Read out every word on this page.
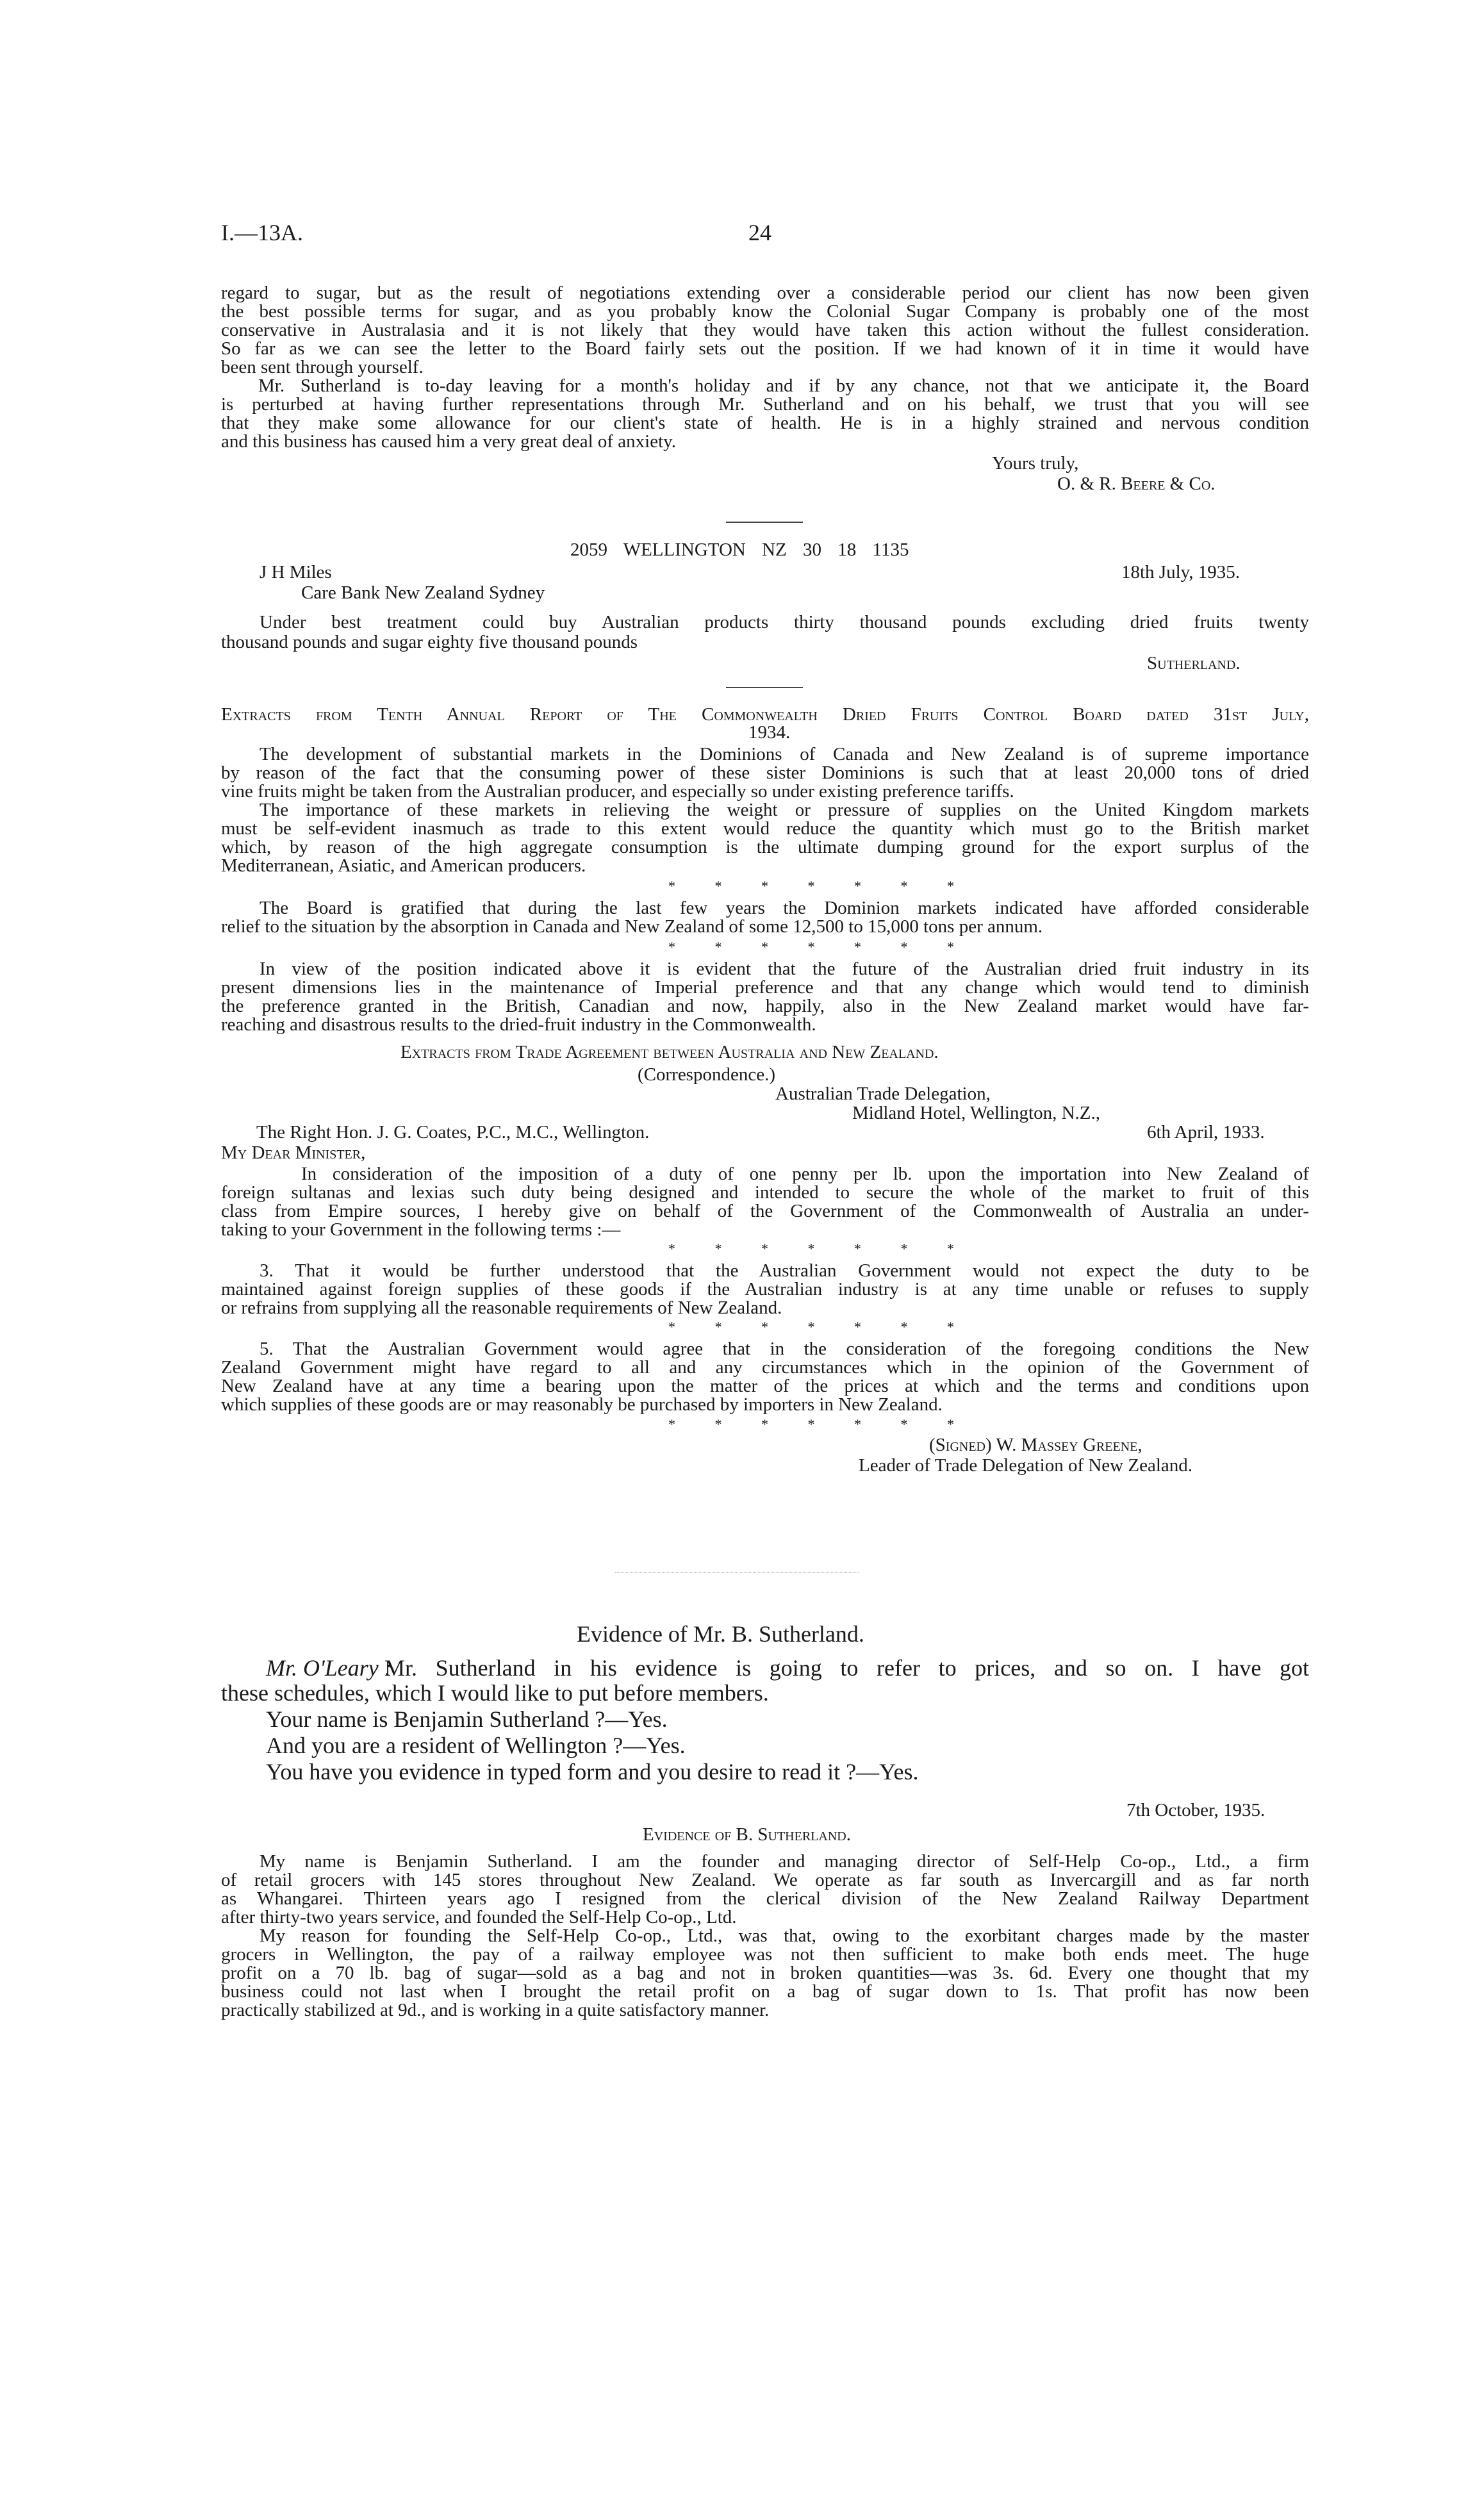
I.—13A.	24
regard to sugar, but as the result of negotiations extending over a considerable period our client has now been given
the best possible terms for sugar, and as you probably know the Colonial Sugar Company is probably one of the most
conservative in Australasia and it is not likely that they would have taken this action without the fullest consideration.
So far as we can see the letter to the Board fairly sets out the position. If we had known of it in time it would have
been sent through yourself.
Mr. Sutherland is to-day leaving for a month's holiday and if by any chance, not that we anticipate it, the Board
is perturbed at having further representations through Mr. Sutherland and on his behalf, we trust that you will see
that they make some allowance for our client's state of health. He is in a highly strained and nervous condition
and this business has caused him a very great deal of anxiety.
Yours truly,
O. & R. Beere & Co.
2059 WELLINGTON NZ 30 18 1135
J H Miles	18th July, 1935.
Care Bank New Zealand Sydney
Under best treatment could buy Australian products thirty thousand pounds excluding dried fruits twenty
thousand pounds and sugar eighty five thousand pounds
Sutherland.
Extracts from Tenth Annual Report of The Commonwealth Dried Fruits Control Board dated 31st July,
1934.
The development of substantial markets in the Dominions of Canada and New Zealand is of supreme importance
by reason of the fact that the consuming power of these sister Dominions is such that at least 20,000 tons of dried
vine fruits might be taken from the Australian producer, and especially so under existing preference tariffs.
The importance of these markets in relieving the weight or pressure of supplies on the United Kingdom markets
must be self-evident inasmuch as trade to this extent would reduce the quantity which must go to the British market
which, by reason of the high aggregate consumption is the ultimate dumping ground for the export surplus of the
Mediterranean, Asiatic, and American producers.
* * * * * * *
The Board is gratified that during the last few years the Dominion markets indicated have afforded considerable
relief to the situation by the absorption in Canada and New Zealand of some 12,500 to 15,000 tons per annum.
* * * * * * *
In view of the position indicated above it is evident that the future of the Australian dried fruit industry in its
present dimensions lies in the maintenance of Imperial preference and that any change which would tend to diminish
the preference granted in the British, Canadian and now, happily, also in the New Zealand market would have far-
reaching and disastrous results to the dried-fruit industry in the Commonwealth.
Extracts from Trade Agreement between Australia and New Zealand.
(Correspondence.)
Australian Trade Delegation,
Midland Hotel, Wellington, N.Z.,
The Right Hon. J. G. Coates, P.C., M.C., Wellington.	6th April, 1933.
My Dear Minister,
In consideration of the imposition of a duty of one penny per lb. upon the importation into New Zealand of
foreign sultanas and lexias such duty being designed and intended to secure the whole of the market to fruit of this
class from Empire sources, I hereby give on behalf of the Government of the Commonwealth of Australia an under-
taking to your Government in the following terms :—
* * * * * * *
3. That it would be further understood that the Australian Government would not expect the duty to be
maintained against foreign supplies of these goods if the Australian industry is at any time unable or refuses to supply
or refrains from supplying all the reasonable requirements of New Zealand.
* * * * * * *
5. That the Australian Government would agree that in the consideration of the foregoing conditions the New
Zealand Government might have regard to all and any circumstances which in the opinion of the Government of
New Zealand have at any time a bearing upon the matter of the prices at which and the terms and conditions upon
which supplies of these goods are or may reasonably be purchased by importers in New Zealand.
* * * * * * *
(Signed) W. Massey Greene,
Leader of Trade Delegation of New Zealand.
Evidence of Mr. B. Sutherland.
Mr. O'Leary :
Mr. Sutherland in his evidence is going to refer to prices, and so on. I have got
these schedules, which I would like to put before members.
Your name is Benjamin Sutherland ?—Yes.
And you are a resident of Wellington ?—Yes.
You have you evidence in typed form and you desire to read it ?—Yes.
7th October, 1935.
Evidence of B. Sutherland.
My name is Benjamin Sutherland. I am the founder and managing director of Self-Help Co-op., Ltd., a firm
of retail grocers with 145 stores throughout New Zealand. We operate as far south as Invercargill and as far north
as Whangarei. Thirteen years ago I resigned from the clerical division of the New Zealand Railway Department
after thirty-two years service, and founded the Self-Help Co-op., Ltd.
My reason for founding the Self-Help Co-op., Ltd., was that, owing to the exorbitant charges made by the master
grocers in Wellington, the pay of a railway employee was not then sufficient to make both ends meet. The huge
profit on a 70 lb. bag of sugar—sold as a bag and not in broken quantities—was 3s. 6d. Every one thought that my
business could not last when I brought the retail profit on a bag of sugar down to 1s. That profit has now been
practically stabilized at 9d., and is working in a quite satisfactory manner.
